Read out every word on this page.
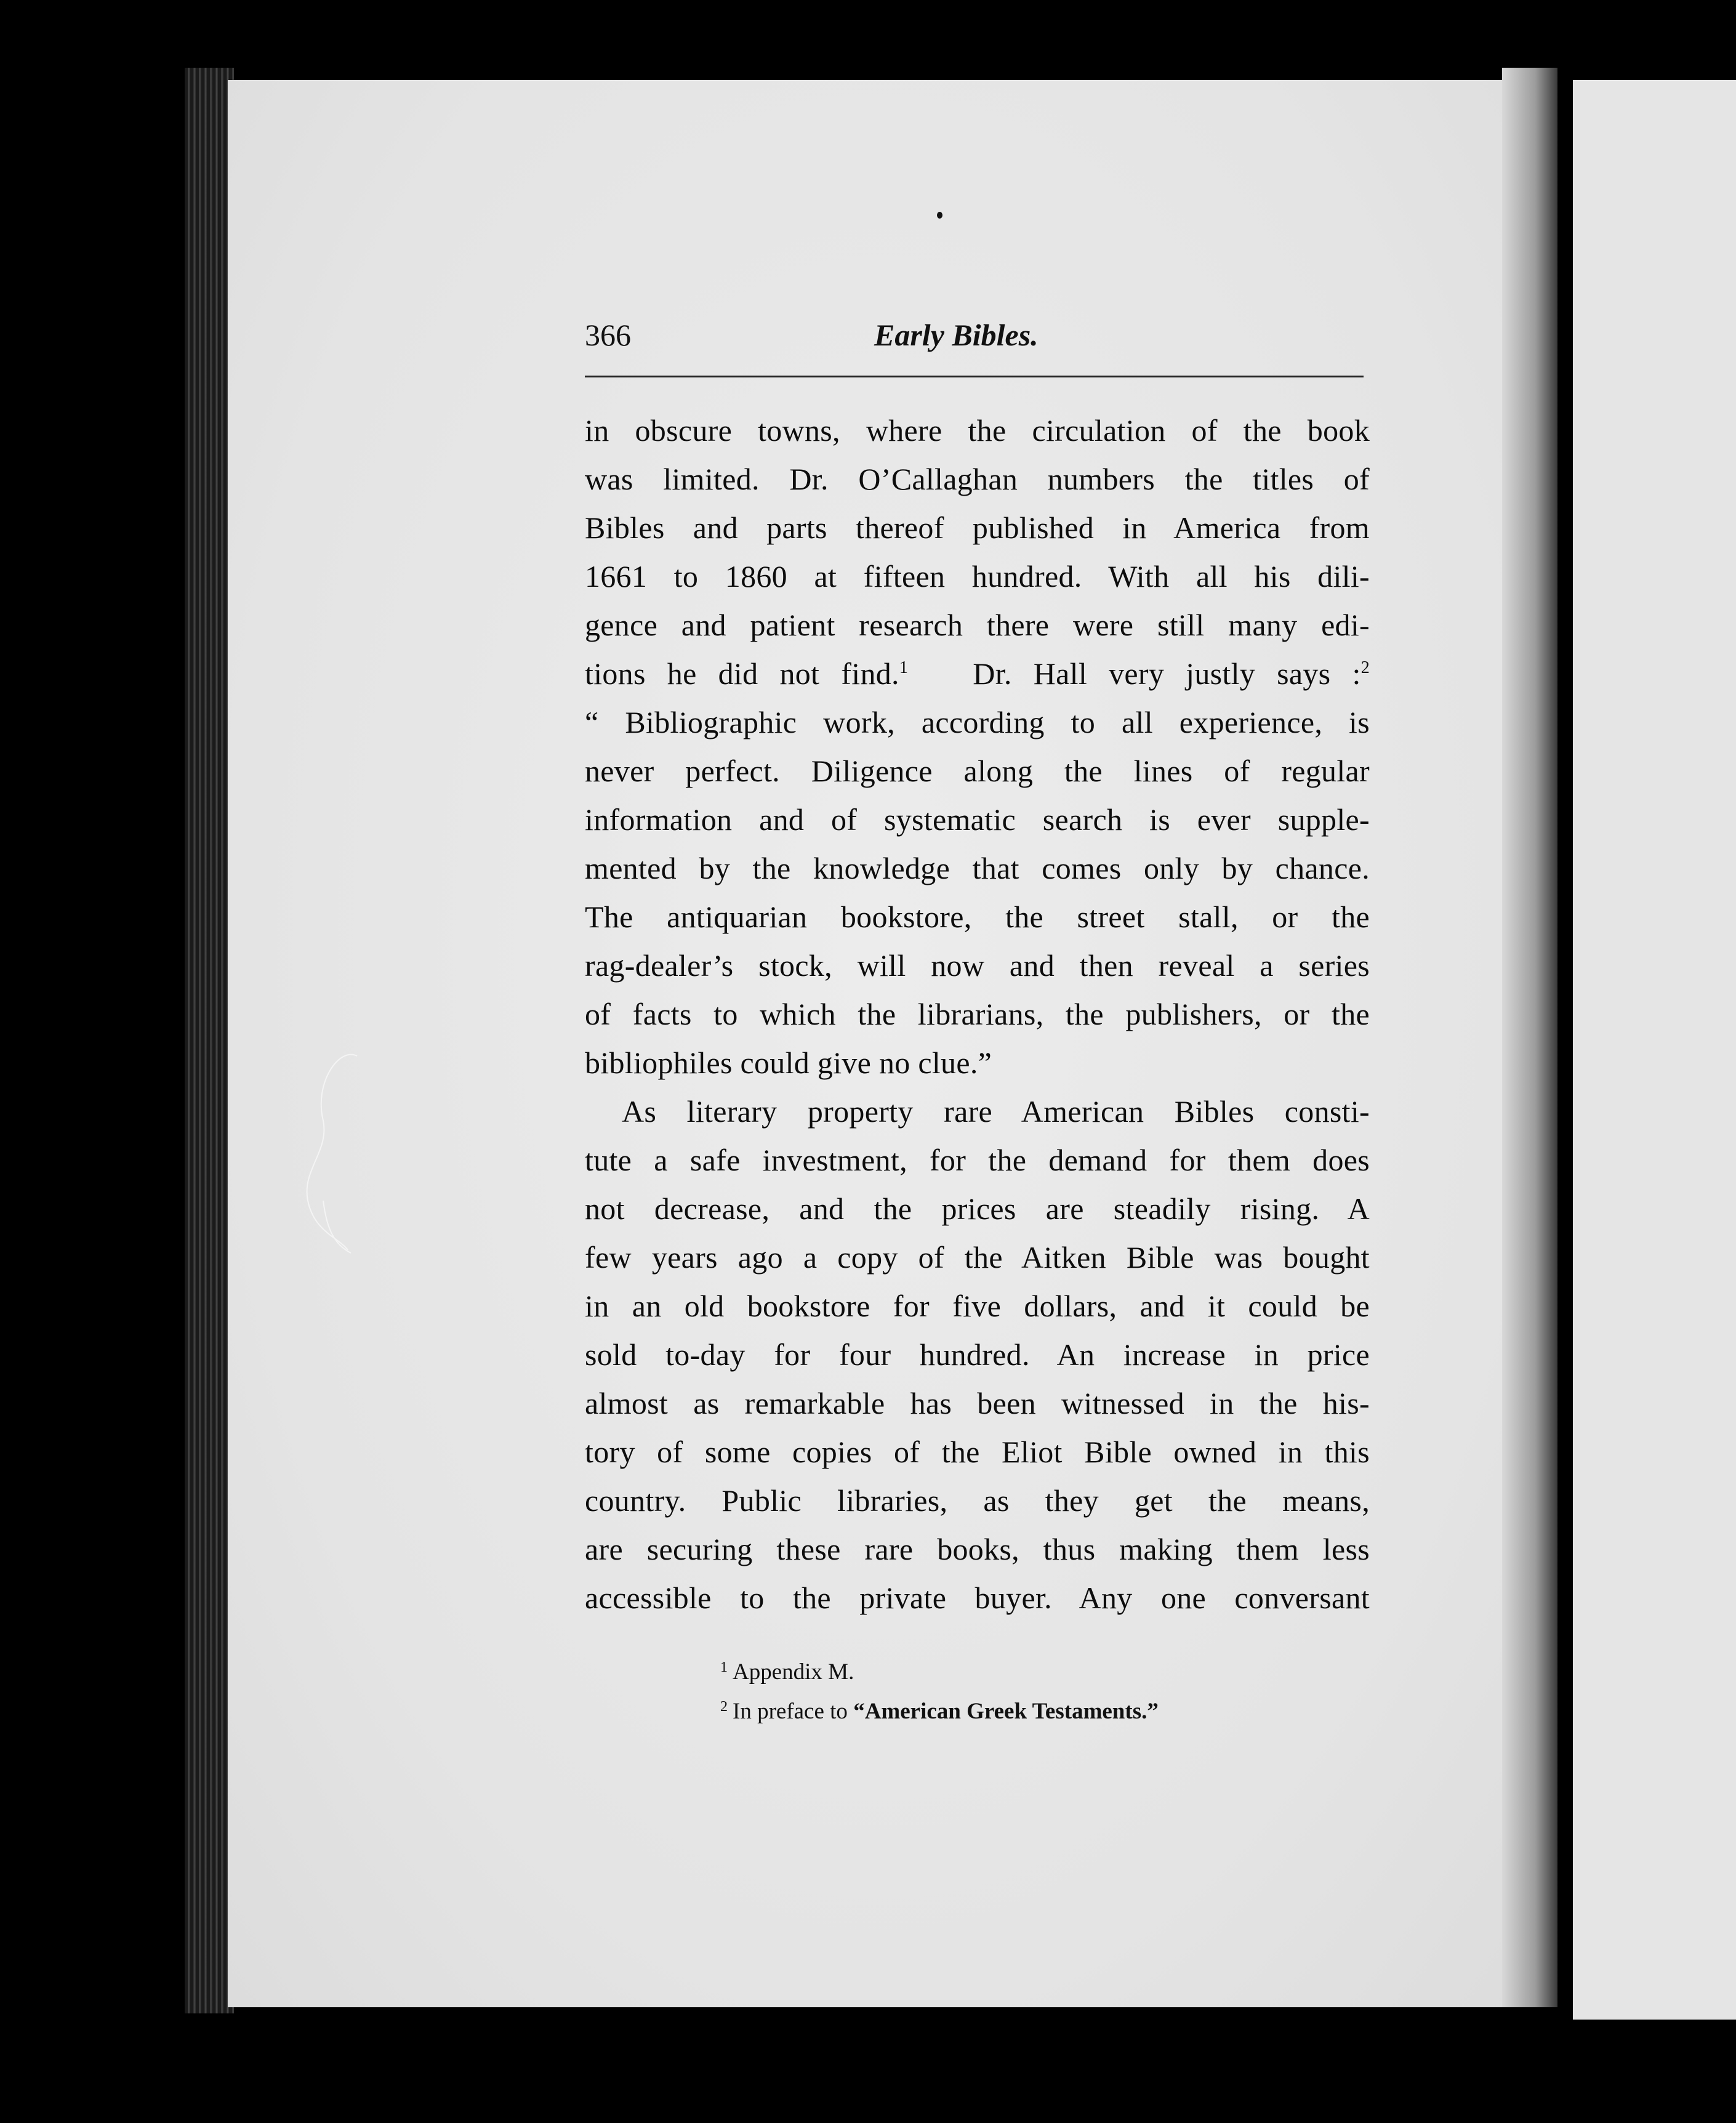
366	Early Bibles.
in obscure towns, where the circulation of the book
was limited. Dr. O’Callaghan numbers the titles of
Bibles and parts thereof published in America from
1661 to 1860 at fifteen hundred. With all his dili-
gence and patient research there were still many edi-
tions he did not find.$^1$ Dr. Hall very justly says :$^2$
“ Bibliographic work, according to all experience, is
never perfect. Diligence along the lines of regular
information and of systematic search is ever supple-
mented by the knowledge that comes only by chance.
The antiquarian bookstore, the street stall, or the
rag-dealer’s stock, will now and then reveal a series
of facts to which the librarians, the publishers, or the
bibliophiles could give no clue.”
As literary property rare American Bibles consti-
tute a safe investment, for the demand for them does
not decrease, and the prices are steadily rising. A
few years ago a copy of the Aitken Bible was bought
in an old bookstore for five dollars, and it could be
sold to-day for four hundred. An increase in price
almost as remarkable has been witnessed in the his-
tory of some copies of the Eliot Bible owned in this
country. Public libraries, as they get the means,
are securing these rare books, thus making them less
accessible to the private buyer. Any one conversant
$^1$ Appendix M.
$^2$ In preface to “American Greek Testaments.”
